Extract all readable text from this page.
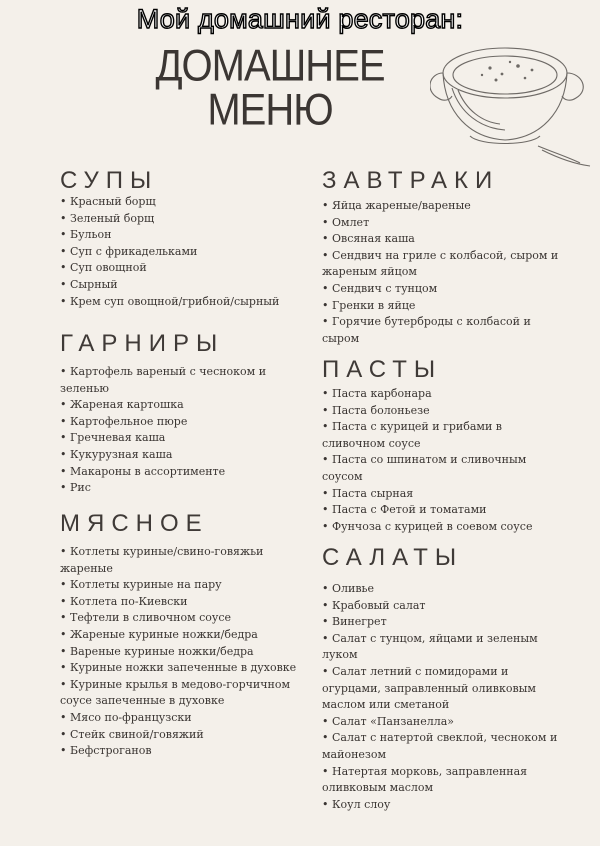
Мой домашний ресторан:
ДОМАШНЕЕ
МЕНЮ
СУПЫ
• Красный борщ
• Зеленый борщ
• Бульон
• Суп с фрикадельками
• Суп овощной
• Сырный
• Крем суп овощной/грибной/сырный
ГАРНИРЫ
• Картофель вареный с чесноком и зеленью
• Жареная картошка
• Картофельное пюре
• Гречневая каша
• Кукурузная каша
• Макароны в ассортименте
• Рис
МЯСНОЕ
• Котлеты куриные/свино-говяжьи жареные
• Котлеты куриные на пару
• Котлета по-Киевски
• Тефтели в сливочном соусе
• Жареные куриные ножки/бедра
• Вареные куриные ножки/бедра
• Куриные ножки запеченные в духовке
• Куриные крылья в медово-горчичном соусе запеченные в духовке
• Мясо по-французски
• Стейк свиной/говяжий
• Бефстроганов
ЗАВТРАКИ
• Яйца жареные/вареные
• Омлет
• Овсяная каша
• Сендвич на гриле с колбасой, сыром и жареным яйцом
• Сендвич с тунцом
• Гренки в яйце
• Горячие бутерброды с колбасой и сыром
ПАСТЫ
• Паста карбонара
• Паста болоньезе
• Паста с курицей и грибами в сливочном соусе
• Паста со шпинатом и сливочным соусом
• Паста сырная
• Паста с Фетой и томатами
• Фунчоза с курицей в соевом соусе
САЛАТЫ
• Оливье
• Крабовый салат
• Винегрет
• Салат с тунцом, яйцами и зеленым луком
• Салат летний с помидорами и огурцами, заправленный оливковым маслом или сметаной
• Салат «Панзанелла»
• Салат с натертой свеклой, чесноком и майонезом
• Натертая морковь, заправленная оливковым маслом
• Коул слоу
